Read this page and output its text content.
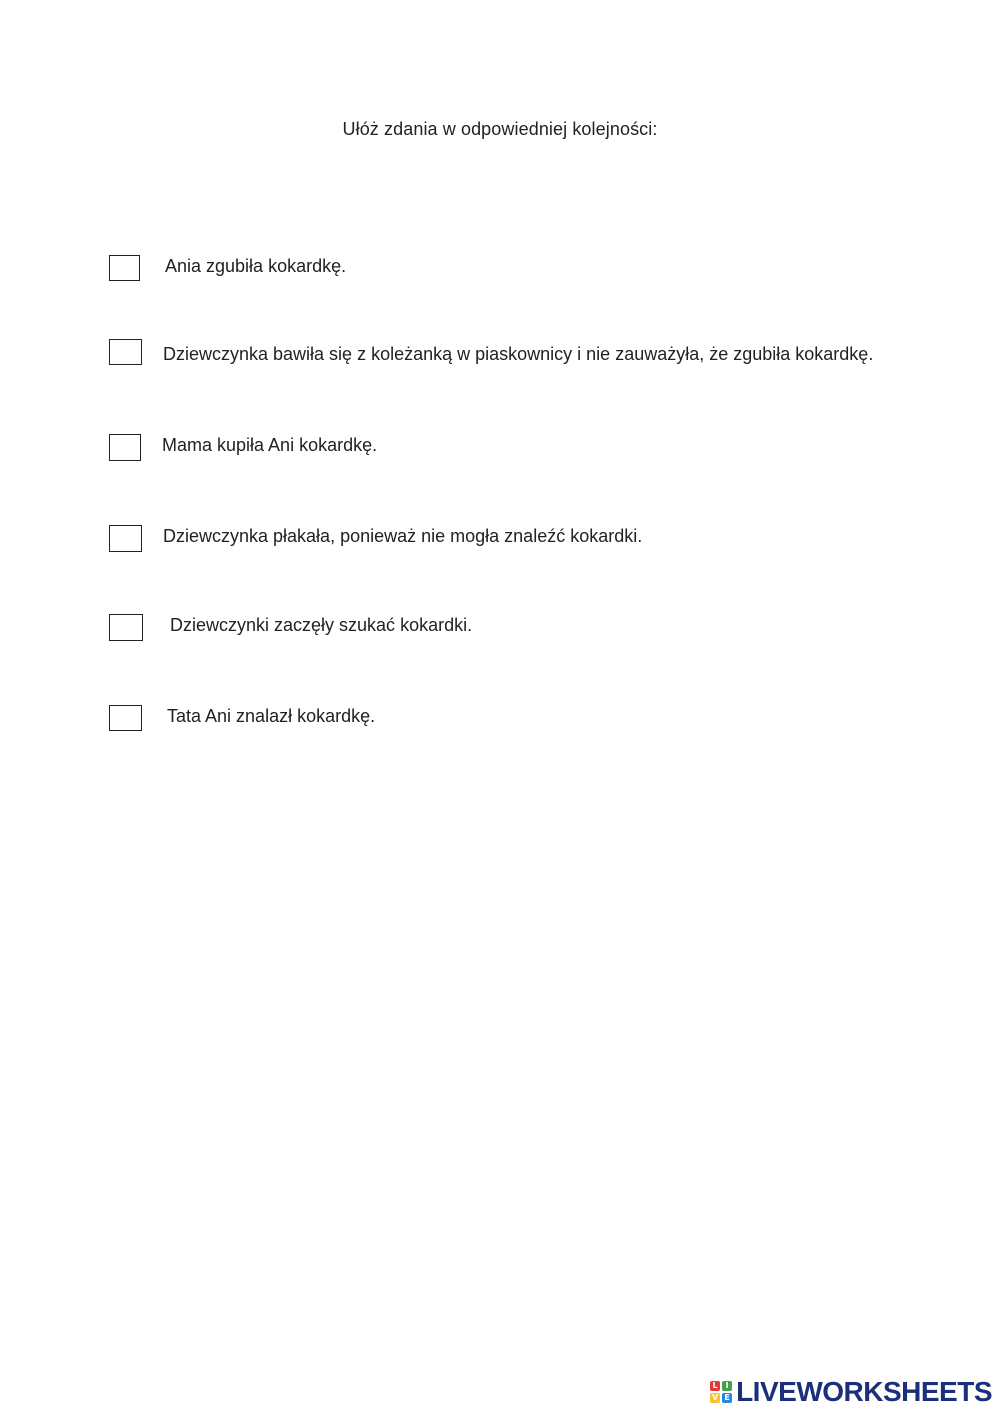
Ułóż zdania w odpowiedniej kolejności:
Ania zgubiła kokardkę.
Dziewczynka bawiła się z koleżanką w piaskownicy i nie zauważyła, że zgubiła kokardkę.
Mama kupiła Ani kokardkę.
Dziewczynka płakała, ponieważ nie mogła znaleźć kokardki.
Dziewczynki zaczęły szukać kokardki.
Tata Ani znalazł kokardkę.
L I
V E LIVEWORKSHEETS
